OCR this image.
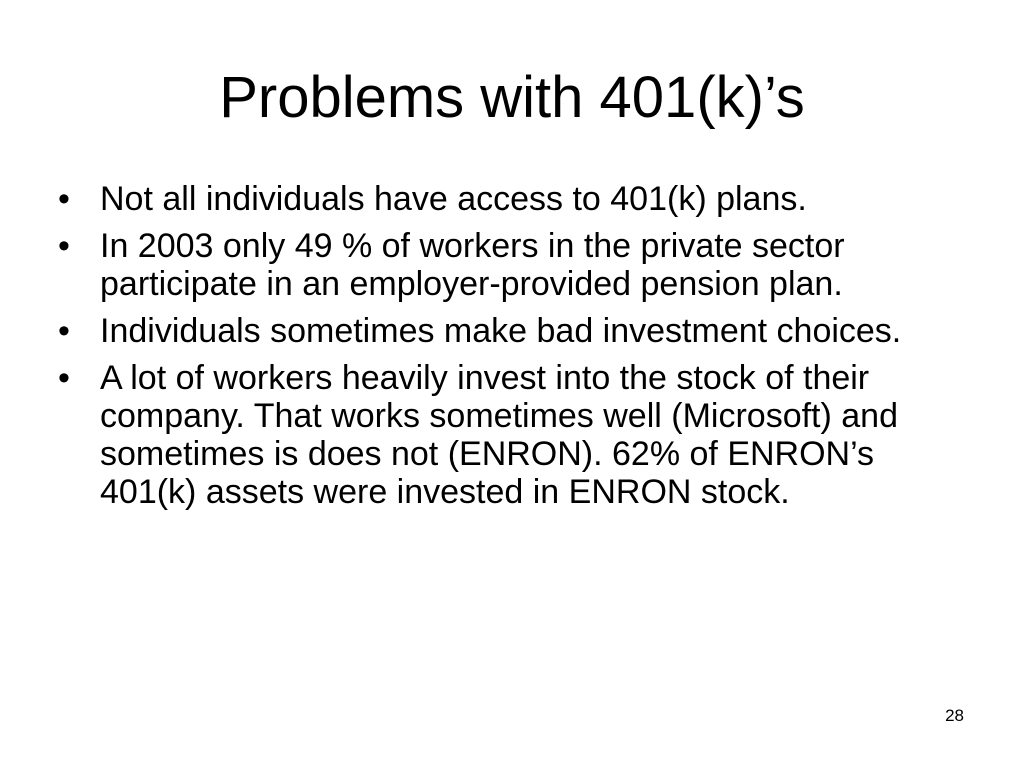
Problems with 401(k)’s
• Not all individuals have access to 401(k) plans.
• In 2003 only 49 % of workers in the private sector participate in an employer-provided pension plan.
• Individuals sometimes make bad investment choices.
• A lot of workers heavily invest into the stock of their company. That works sometimes well (Microsoft) and sometimes is does not (ENRON). 62% of ENRON’s 401(k) assets were invested in ENRON stock.
28
